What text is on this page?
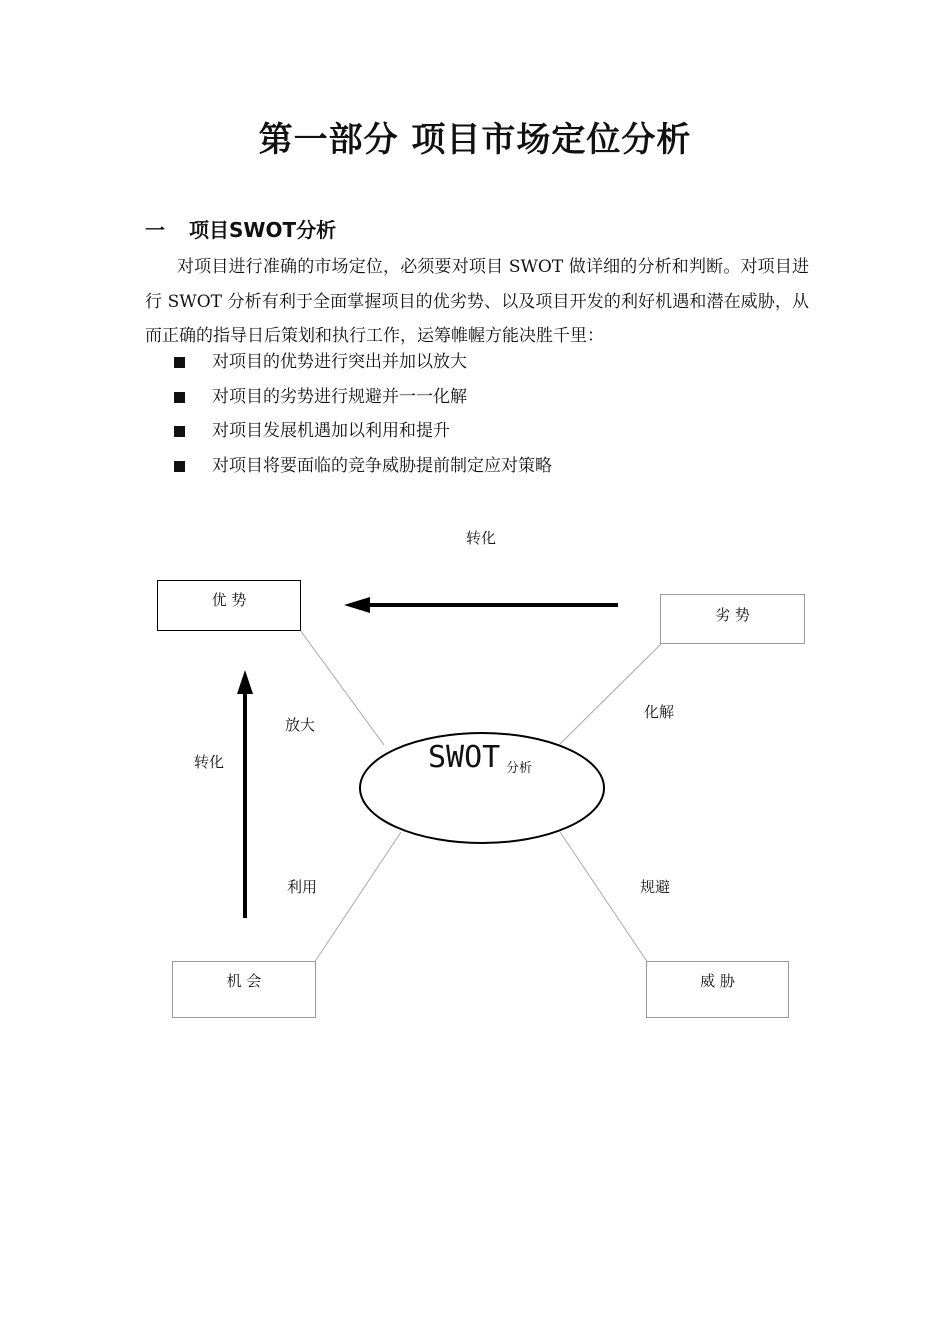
第一部分 项目市场定位分析
一 项目SWOT分析

对项目进行准确的市场定位，必须要对项目 SWOT 做详细的分析和判断。对项目进行 SWOT 分析有利于全面掌握项目的优劣势、以及项目开发的利好机遇和潜在威胁，从而正确的指导日后策划和执行工作，运筹帷幄方能决胜千里：

对项目的优势进行突出并加以放大
对项目的劣势进行规避并一一化解
对项目发展机遇加以利用和提升
对项目将要面临的竞争威胁提前制定应对策略
优 势
劣 势
机 会	威 胁
SWOT 分析
转化
转化
放大
化解
利用	规避
